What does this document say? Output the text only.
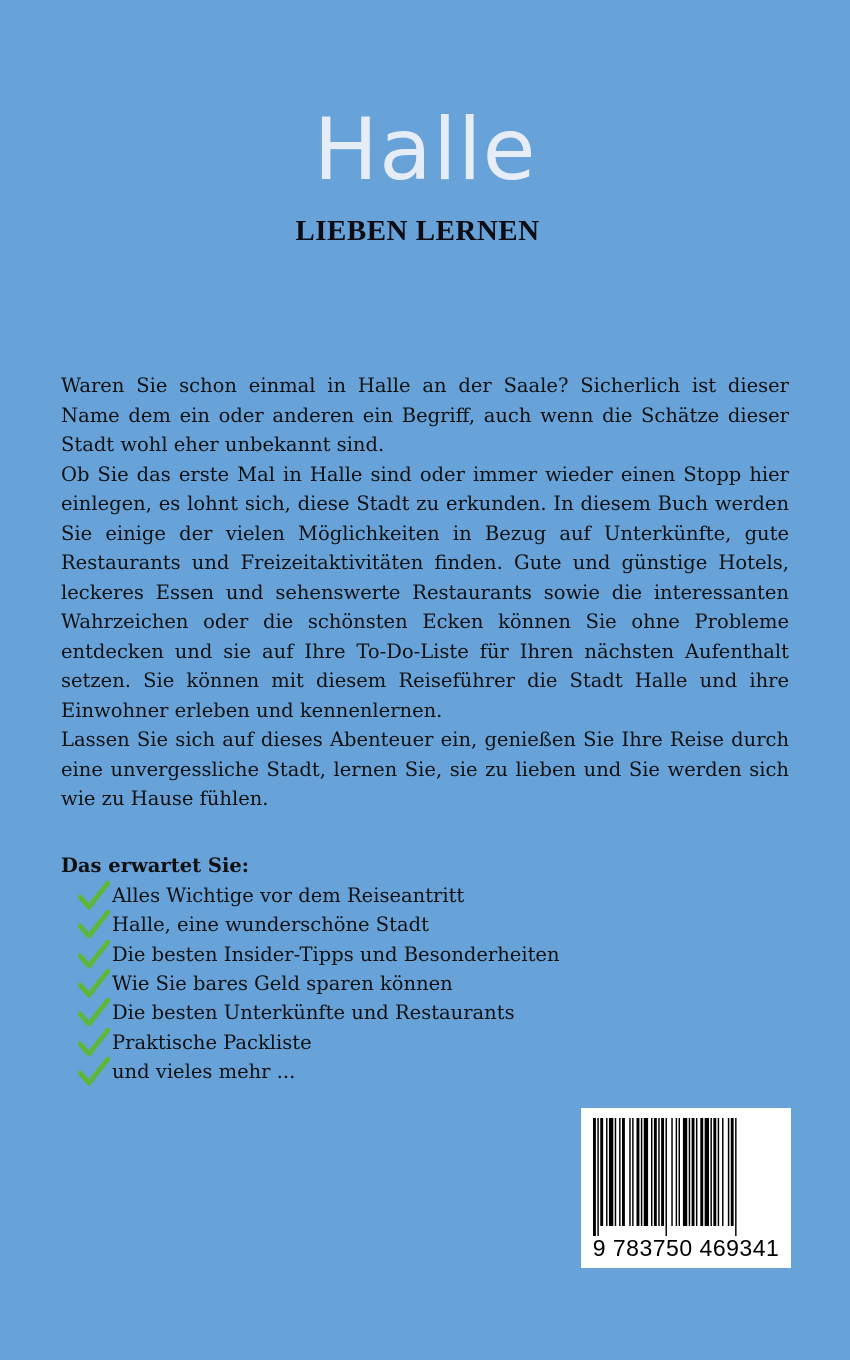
Halle
LIEBEN LERNEN

Waren Sie schon einmal in Halle an der Saale? Sicherlich ist dieser Name dem ein oder anderen ein Begriff, auch wenn die Schätze dieser Stadt wohl eher unbekannt sind.

Ob Sie das erste Mal in Halle sind oder immer wieder einen Stopp hier einlegen, es lohnt sich, diese Stadt zu erkunden. In diesem Buch werden Sie einige der vielen Möglichkeiten in Bezug auf Unterkünfte, gute Restaurants und Freizeitaktivitäten finden. Gute und günstige Hotels, leckeres Essen und sehenswerte Restaurants sowie die interessanten Wahrzeichen oder die schönsten Ecken können Sie ohne Probleme entdecken und sie auf Ihre To-Do-Liste für Ihren nächsten Aufenthalt setzen. Sie können mit diesem Reiseführer die Stadt Halle und ihre Einwohner erleben und kennenlernen.

Lassen Sie sich auf dieses Abenteuer ein, genießen Sie Ihre Reise durch eine unvergessliche Stadt, lernen Sie, sie zu lieben und Sie werden sich wie zu Hause fühlen.

Das erwartet Sie:
Alles Wichtige vor dem Reiseantritt
Halle, eine wunderschöne Stadt
Die besten Insider-Tipps und Besonderheiten
Wie Sie bares Geld sparen können
Die besten Unterkünfte und Restaurants
Praktische Packliste
und vieles mehr ...
9 783750 469341
